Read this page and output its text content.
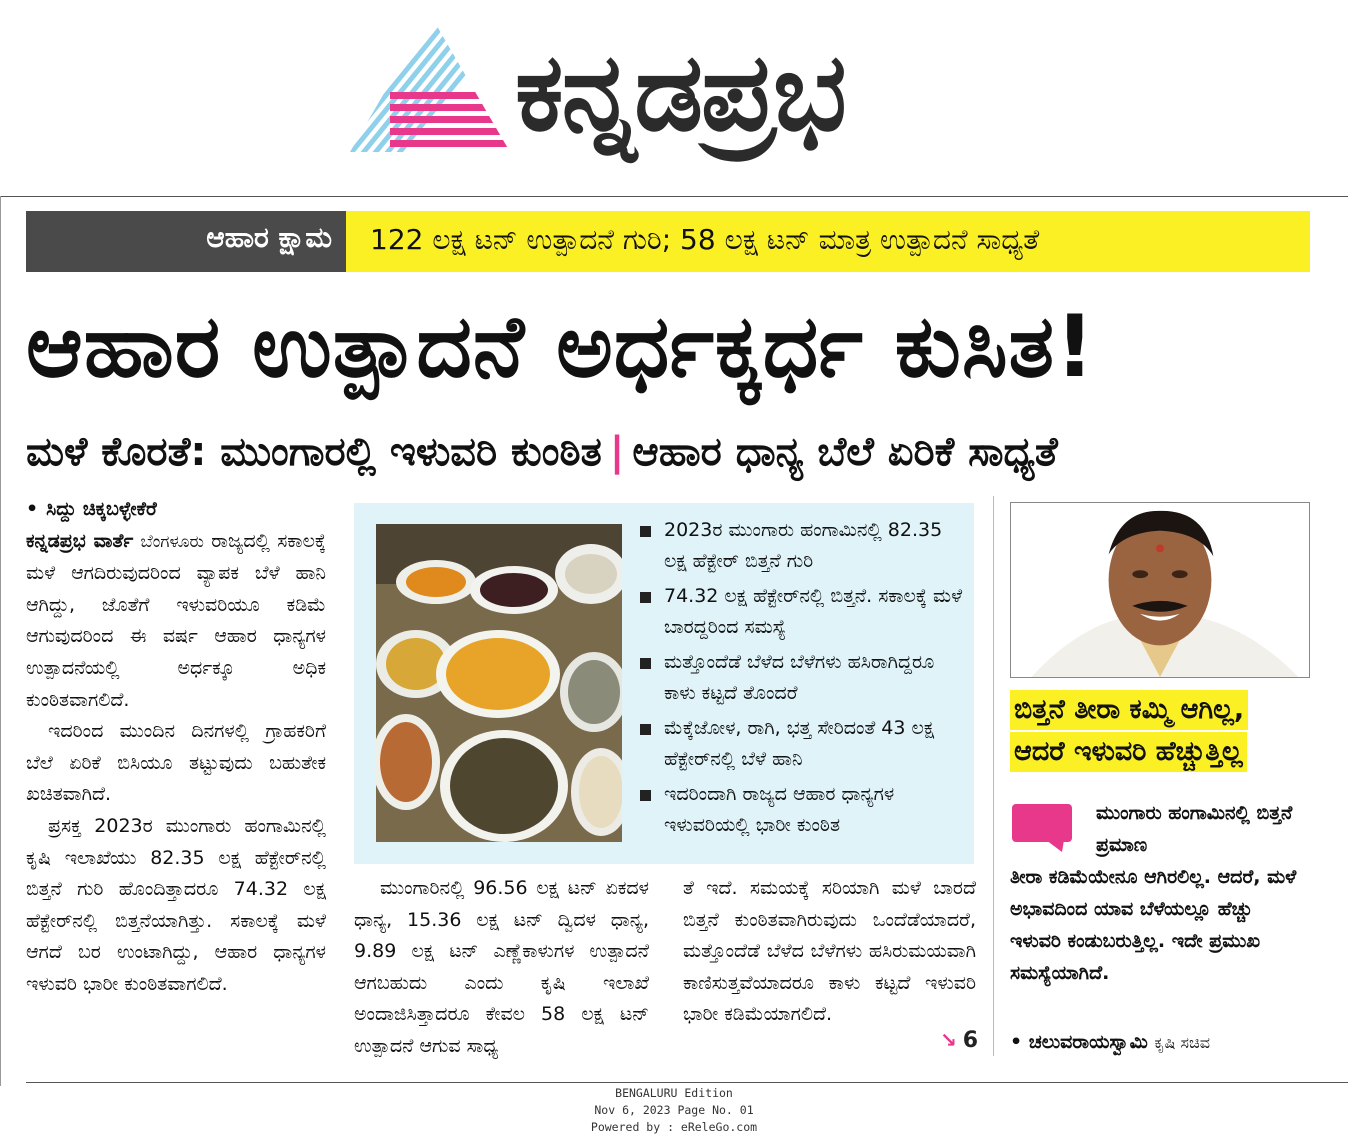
ಕನ್ನಡಪ್ರಭ
ಆಹಾರ ಕ್ಷಾಮ 122 ಲಕ್ಷ ಟನ್ ಉತ್ಪಾದನೆ ಗುರಿ; 58 ಲಕ್ಷ ಟನ್ ಮಾತ್ರ ಉತ್ಪಾದನೆ ಸಾಧ್ಯತೆ
ಆಹಾರ ಉತ್ಪಾದನೆ ಅರ್ಧಕ್ಕರ್ಧ ಕುಸಿತ!
ಮಳೆ ಕೊರತೆ: ಮುಂಗಾರಲ್ಲಿ ಇಳುವರಿ ಕುಂಠಿತ | ಆಹಾರ ಧಾನ್ಯ ಬೆಲೆ ಏರಿಕೆ ಸಾಧ್ಯತೆ
• ಸಿದ್ದು ಚಿಕ್ಕಬಳ್ಳೇಕೆರೆ

ಕನ್ನಡಪ್ರಭ ವಾರ್ತೆ ಬೆಂಗಳೂರು ರಾಜ್ಯದಲ್ಲಿ ಸಕಾಲಕ್ಕೆ ಮಳೆ ಆಗದಿರುವುದರಿಂದ ವ್ಯಾಪಕ ಬೆಳೆ ಹಾನಿ ಆಗಿದ್ದು, ಜೊತೆಗೆ ಇಳುವರಿಯೂ ಕಡಿಮೆ ಆಗುವುದರಿಂದ ಈ ವರ್ಷ ಆಹಾರ ಧಾನ್ಯಗಳ ಉತ್ಪಾದನೆಯಲ್ಲಿ ಅರ್ಧಕ್ಕೂ ಅಧಿಕ ಕುಂಠಿತವಾಗಲಿದೆ.

ಇದರಿಂದ ಮುಂದಿನ ದಿನಗಳಲ್ಲಿ ಗ್ರಾಹಕರಿಗೆ ಬೆಲೆ ಏರಿಕೆ ಬಿಸಿಯೂ ತಟ್ಟುವುದು ಬಹುತೇಕ ಖಚಿತವಾಗಿದೆ.

ಪ್ರಸಕ್ತ 2023ರ ಮುಂಗಾರು ಹಂಗಾಮಿನಲ್ಲಿ ಕೃಷಿ ಇಲಾಖೆಯು 82.35 ಲಕ್ಷ ಹೆಕ್ಟೇರ್‌ನಲ್ಲಿ ಬಿತ್ತನೆ ಗುರಿ ಹೊಂದಿತ್ತಾದರೂ 74.32 ಲಕ್ಷ ಹೆಕ್ಟೇರ್‌ನಲ್ಲಿ ಬಿತ್ತನೆಯಾಗಿತ್ತು. ಸಕಾಲಕ್ಕೆ ಮಳೆ ಆಗದೆ ಬರ ಉಂಟಾಗಿದ್ದು, ಆಹಾರ ಧಾನ್ಯಗಳ ಇಳುವರಿ ಭಾರೀ ಕುಂಠಿತವಾಗಲಿದೆ.

2023ರ ಮುಂಗಾರು ಹಂಗಾಮಿನಲ್ಲಿ 82.35 ಲಕ್ಷ ಹೆಕ್ಟೇರ್ ಬಿತ್ತನೆ ಗುರಿ
74.32 ಲಕ್ಷ ಹೆಕ್ಟೇರ್‌ನಲ್ಲಿ ಬಿತ್ತನೆ. ಸಕಾಲಕ್ಕೆ ಮಳೆ ಬಾರದ್ದರಿಂದ ಸಮಸ್ಯೆ
ಮತ್ತೊಂದೆಡೆ ಬೆಳೆದ ಬೆಳೆಗಳು ಹಸಿರಾಗಿದ್ದರೂ ಕಾಳು ಕಟ್ಟದೆ ತೊಂದರೆ
ಮೆಕ್ಕೆಜೋಳ, ರಾಗಿ, ಭತ್ತ ಸೇರಿದಂತೆ 43 ಲಕ್ಷ ಹೆಕ್ಟೇರ್‌ನಲ್ಲಿ ಬೆಳೆ ಹಾನಿ
ಇದರಿಂದಾಗಿ ರಾಜ್ಯದ ಆಹಾರ ಧಾನ್ಯಗಳ ಇಳುವರಿಯಲ್ಲಿ ಭಾರೀ ಕುಂಠಿತ

ಮುಂಗಾರಿನಲ್ಲಿ 96.56 ಲಕ್ಷ ಟನ್ ಏಕದಳ ಧಾನ್ಯ, 15.36 ಲಕ್ಷ ಟನ್ ದ್ವಿದಳ ಧಾನ್ಯ, 9.89 ಲಕ್ಷ ಟನ್ ಎಣ್ಣೆಕಾಳುಗಳ ಉತ್ಪಾದನೆ ಆಗಬಹುದು ಎಂದು ಕೃಷಿ ಇಲಾಖೆ ಅಂದಾಜಿಸಿತ್ತಾದರೂ ಕೇವಲ 58 ಲಕ್ಷ ಟನ್ ಉತ್ಪಾದನೆ ಆಗುವ ಸಾಧ್ಯ

ತೆ ಇದೆ. ಸಮಯಕ್ಕೆ ಸರಿಯಾಗಿ ಮಳೆ ಬಾರದೆ ಬಿತ್ತನೆ ಕುಂಠಿತವಾಗಿರುವುದು ಒಂದೆಡೆಯಾದರೆ, ಮತ್ತೊಂದೆಡೆ ಬೆಳೆದ ಬೆಳೆಗಳು ಹಸಿರುಮಯವಾಗಿ ಕಾಣಿಸುತ್ತವೆಯಾದರೂ ಕಾಳು ಕಟ್ಟದೆ ಇಳುವರಿ ಭಾರೀ ಕಡಿಮೆಯಾಗಲಿದೆ.

↘ 6
ಬಿತ್ತನೆ ತೀರಾ ಕಮ್ಮಿ ಆಗಿಲ್ಲ,
ಆದರೆ ಇಳುವರಿ ಹೆಚ್ಚುತ್ತಿಲ್ಲ
ಮುಂಗಾರು ಹಂಗಾಮಿನಲ್ಲಿ ಬಿತ್ತನೆ ಪ್ರಮಾಣ
ತೀರಾ ಕಡಿಮೆಯೇನೂ ಆಗಿರಲಿಲ್ಲ. ಆದರೆ, ಮಳೆ ಅಭಾವದಿಂದ ಯಾವ ಬೆಳೆಯಲ್ಲೂ ಹೆಚ್ಚು ಇಳುವರಿ ಕಂಡುಬರುತ್ತಿಲ್ಲ. ಇದೇ ಪ್ರಮುಖ ಸಮಸ್ಯೆಯಾಗಿದೆ.
• ಚಲುವರಾಯಸ್ವಾಮಿ ಕೃಷಿ ಸಚಿವ
BENGALURU Edition
Nov 6, 2023 Page No. 01
Powered by : eReleGo.com
